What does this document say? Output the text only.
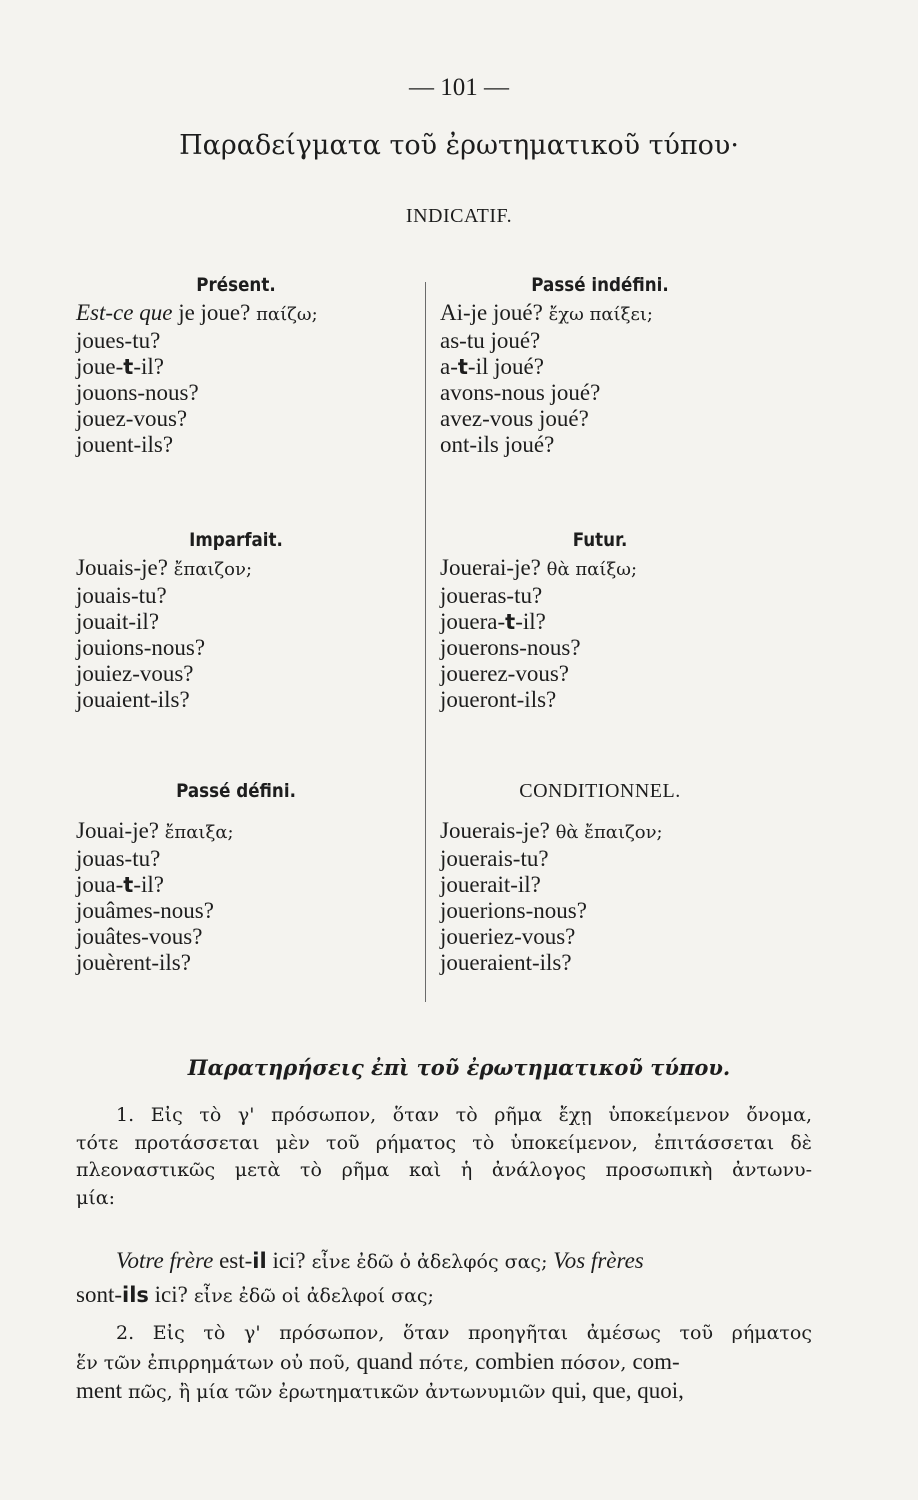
— 101 —
Παραδείγματα τοῦ ἐρωτηματικοῦ τύπου·
INDICATIF.
Présent.
Est-ce que je joue? παίζω;
joues-tu?
joue-t-il?
jouons-nous?
jouez-vous?
jouent-ils?
Passé indéfini.
Ai-je joué? ἔχω παίξει;
as-tu joué?
a-t-il joué?
avons-nous joué?
avez-vous joué?
ont-ils joué?
Imparfait.
Jouais-je? ἔπαιζον;
jouais-tu?
jouait-il?
jouions-nous?
jouiez-vous?
jouaient-ils?
Futur.
Jouerai-je? θὰ παίξω;
joueras-tu?
jouera-t-il?
jouerons-nous?
jouerez-vous?
joueront-ils?
Passé défini.
Jouai-je? ἔπαιξα;
jouas-tu?
joua-t-il?
jouâmes-nous?
jouâtes-vous?
jouèrent-ils?
CONDITIONNEL.
Jouerais-je? θὰ ἔπαιζον;
jouerais-tu?
jouerait-il?
jouerions-nous?
joueriez-vous?
joueraient-ils?
Παρατηρήσεις ἐπὶ τοῦ ἐρωτηματικοῦ τύπου.
1. Εἰς τὸ γ' πρόσωπον, ὅταν τὸ ρῆμα ἔχῃ ὑποκείμενον ὄνομα,
τότε προτάσσεται μὲν τοῦ ρήματος τὸ ὑποκείμενον, ἐπιτάσσεται δὲ
πλεοναστικῶς μετὰ τὸ ρῆμα καὶ ἡ ἀνάλογος προσωπικὴ ἀντωνυ-
μία:
Votre frère est-il ici? εἶνε ἐδῶ ὁ ἀδελφός σας; Vos frères
sont-ils ici? εἶνε ἐδῶ οἱ ἀδελφοί σας;
2. Εἰς τὸ γ' πρόσωπον, ὅταν προηγῆται ἀμέσως τοῦ ρήματος
ἕν τῶν ἐπιρρημάτων οὐ ποῦ, quand πότε, combien πόσον, com-
ment πῶς, ἢ μία τῶν ἐρωτηματικῶν ἀντωνυμιῶν qui, que, quoi,
